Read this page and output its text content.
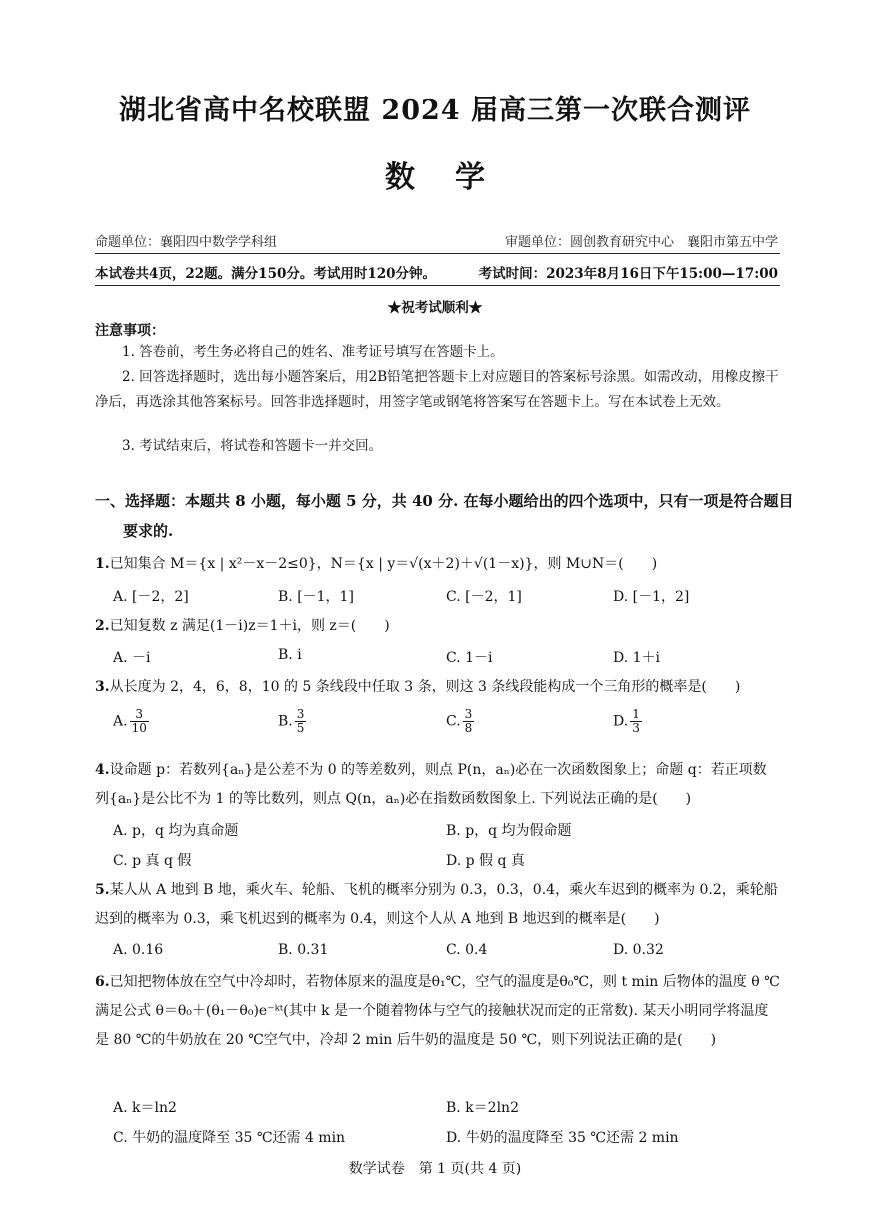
湖北省高中名校联盟 2024 届高三第一次联合测评
数学
命题单位：襄阳四中数学学科组	审题单位：圆创教育研究中心　襄阳市第五中学
本试卷共4页，22题。满分150分。考试用时120分钟。	考试时间：2023年8月16日下午15:00—17:00
★祝考试顺利★
注意事项：
1. 答卷前，考生务必将自己的姓名、准考证号填写在答题卡上。
2. 回答选择题时，选出每小题答案后，用2B铅笔把答题卡上对应题目的答案标号涂黑。如需改动，用橡皮擦干净后，再选涂其他答案标号。回答非选择题时，用签字笔或钢笔将答案写在答题卡上。写在本试卷上无效。
3. 考试结束后，将试卷和答题卡一并交回。
一、选择题：本题共 8 小题，每小题 5 分，共 40 分. 在每小题给出的四个选项中，只有一项是符合题目要求的.
1.已知集合 M＝{x | x²－x－2≤0}，N＝{x | y＝√(x＋2)＋√(1－x)}，则 M∪N＝(　　)
A. [－2，2]	B. [－1，1]	C. [－2，1]	D. [－1，2]
2.已知复数 z 满足(1－i)z＝1＋i，则 z＝(　　)
A. －i	B. i	C. 1－i	D. 1＋i
3.从长度为 2，4，6，8，10 的 5 条线段中任取 3 条，则这 3 条线段能构成一个三角形的概率是(　　)
A. $\frac{3}{10}$	B. $\frac{3}{5}$	C. $\frac{3}{8}$	D. $\frac{1}{3}$
4.设命题 p：若数列{aₙ}是公差不为 0 的等差数列，则点 P(n，aₙ)必在一次函数图象上；命题 q：若正项数列{aₙ}是公比不为 1 的等比数列，则点 Q(n，aₙ)必在指数函数图象上. 下列说法正确的是(　　)
A. p，q 均为真命题	B. p，q 均为假命题
C. p 真 q 假	D. p 假 q 真
5.某人从 A 地到 B 地，乘火车、轮船、飞机的概率分别为 0.3，0.3，0.4，乘火车迟到的概率为 0.2，乘轮船迟到的概率为 0.3，乘飞机迟到的概率为 0.4，则这个人从 A 地到 B 地迟到的概率是(　　)
A. 0.16	B. 0.31	C. 0.4	D. 0.32
6.已知把物体放在空气中冷却时，若物体原来的温度是θ₁℃，空气的温度是θ₀℃，则 t min 后物体的温度 θ ℃满足公式 θ＝θ₀＋(θ₁－θ₀)e⁻ᵏᵗ(其中 k 是一个随着物体与空气的接触状况而定的正常数). 某天小明同学将温度是 80 ℃的牛奶放在 20 ℃空气中，冷却 2 min 后牛奶的温度是 50 ℃，则下列说法正确的是(　　)
A. k＝ln2	B. k＝2ln2
C. 牛奶的温度降至 35 ℃还需 4 min	D. 牛奶的温度降至 35 ℃还需 2 min
数学试卷　第 1 页(共 4 页)
